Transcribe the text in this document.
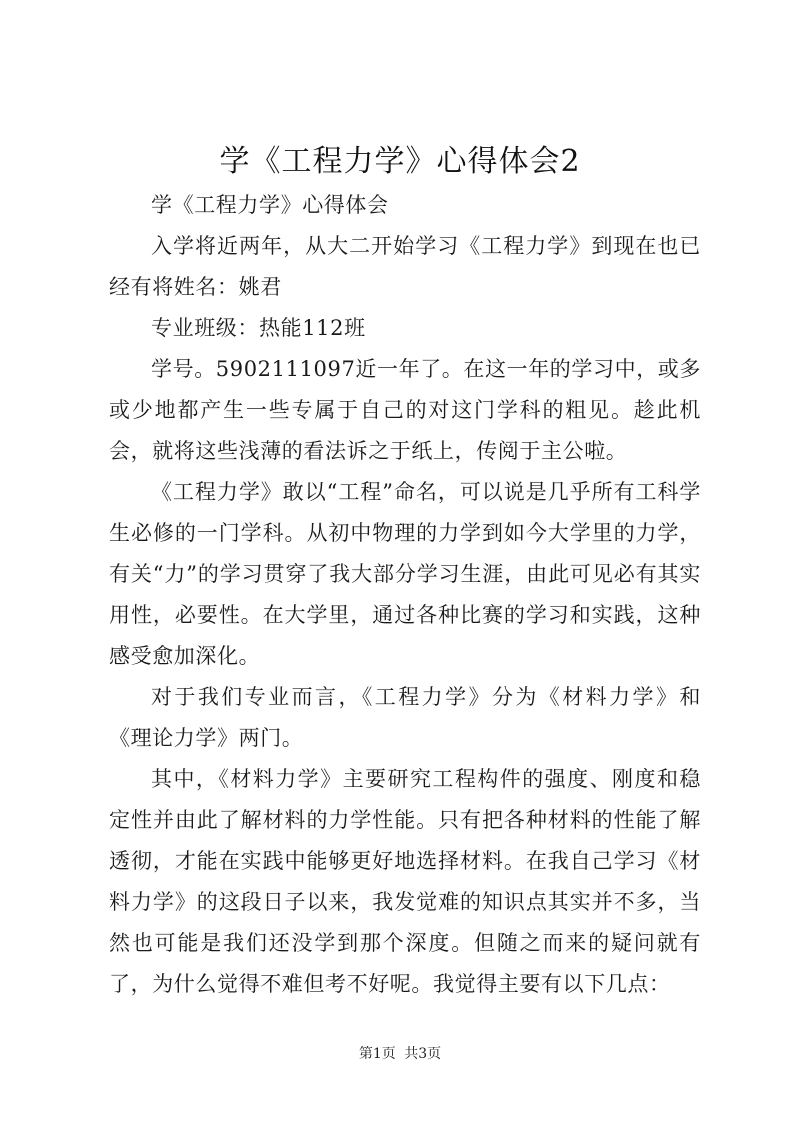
学《工程力学》心得体会2

学《工程力学》心得体会

入学将近两年，从大二开始学习《工程力学》到现在也已经有将姓名：姚君

专业班级：热能112班

学号。5902111097近一年了。在这一年的学习中，或多或少地都产生一些专属于自己的对这门学科的粗见。趁此机会，就将这些浅薄的看法诉之于纸上，传阅于主公啦。

《工程力学》敢以“工程”命名，可以说是几乎所有工科学生必修的一门学科。从初中物理的力学到如今大学里的力学，有关“力”的学习贯穿了我大部分学习生涯，由此可见必有其实用性，必要性。在大学里，通过各种比赛的学习和实践，这种感受愈加深化。

对于我们专业而言，《工程力学》分为《材料力学》和《理论力学》两门。

其中，《材料力学》主要研究工程构件的强度、刚度和稳定性并由此了解材料的力学性能。只有把各种材料的性能了解透彻，才能在实践中能够更好地选择材料。在我自己学习《材料力学》的这段日子以来，我发觉难的知识点其实并不多，当然也可能是我们还没学到那个深度。但随之而来的疑问就有了，为什么觉得不难但考不好呢。我觉得主要有以下几点：

第1页 共3页
